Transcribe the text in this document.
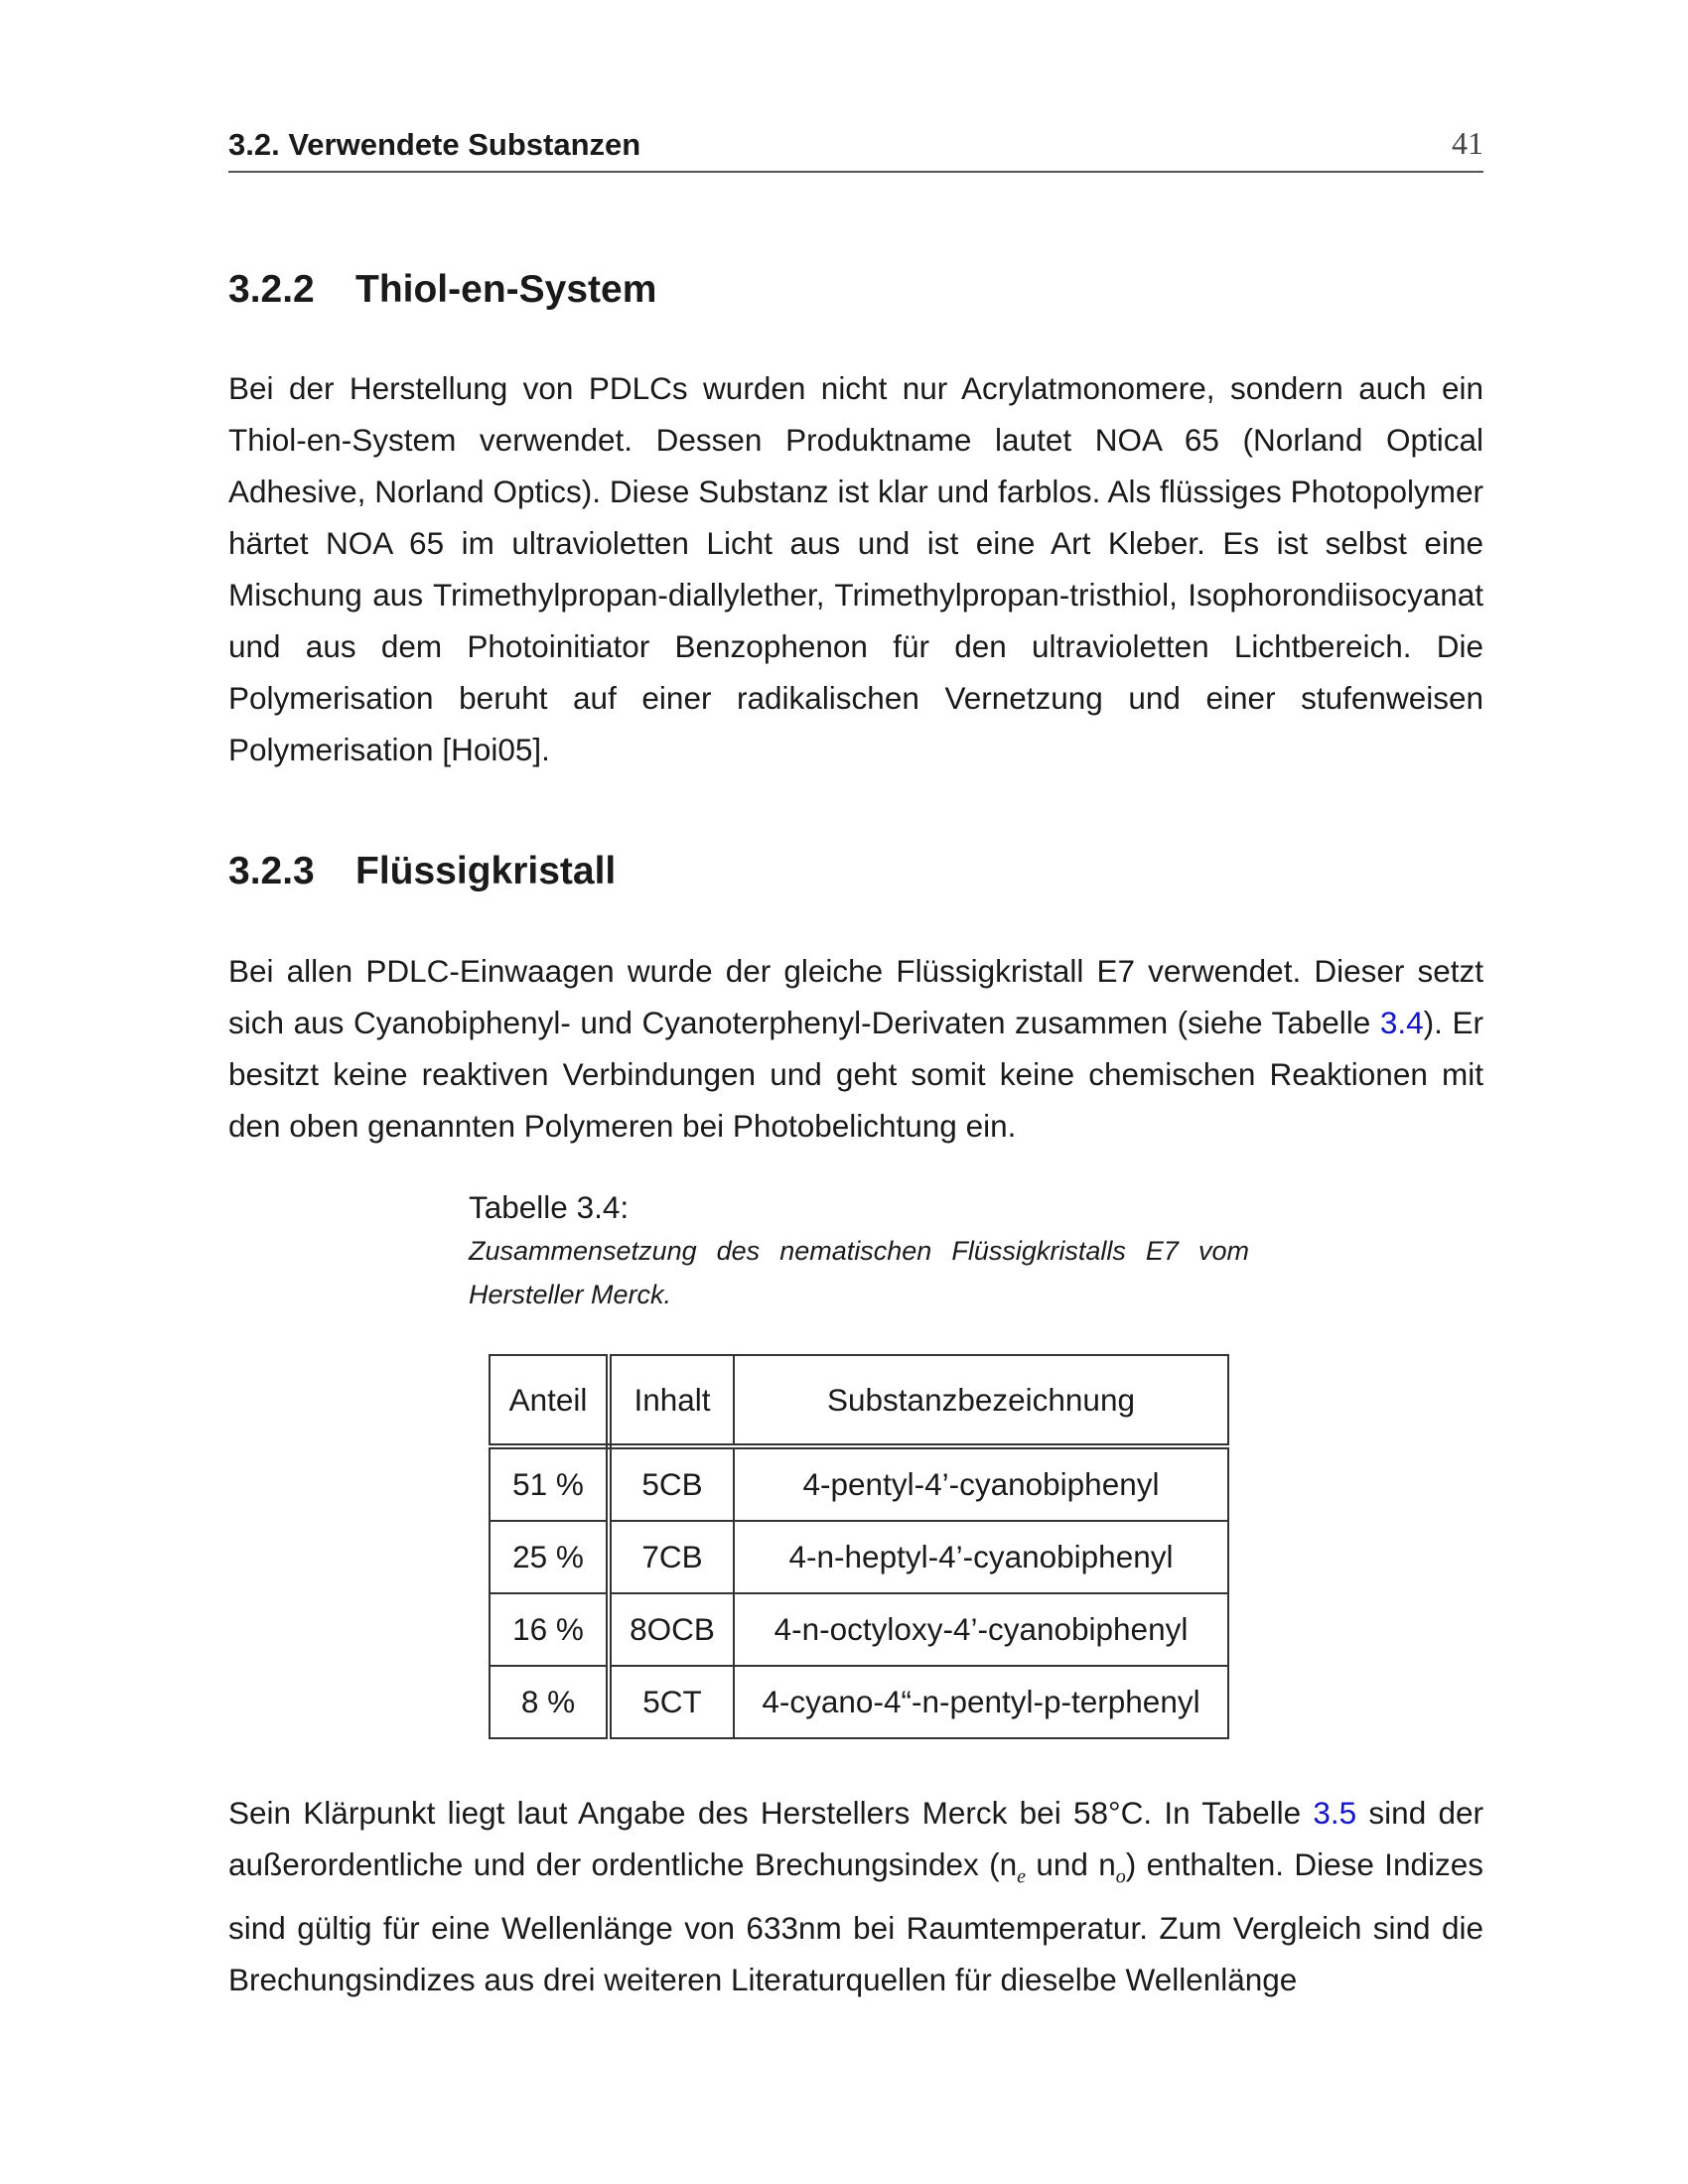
3.2. Verwendete Substanzen	41
3.2.2 Thiol-en-System

Bei der Herstellung von PDLCs wurden nicht nur Acrylatmonomere, sondern auch ein Thiol-en-System verwendet. Dessen Produktname lautet NOA 65 (Norland Optical Adhesive, Norland Optics). Diese Substanz ist klar und farblos. Als flüssiges Photopolymer härtet NOA 65 im ultravioletten Licht aus und ist eine Art Kleber. Es ist selbst eine Mischung aus Trimethylpropan-diallylether, Trimethylpropan-tristhiol, Isophorondiisocyanat und aus dem Photoinitiator Benzophenon für den ultravioletten Lichtbereich. Die Polymerisation beruht auf einer radikalischen Vernetzung und einer stufenweisen Polymerisation [Hoi05].

3.2.3 Flüssigkristall

Bei allen PDLC-Einwaagen wurde der gleiche Flüssigkristall E7 verwendet. Dieser setzt sich aus Cyanobiphenyl- und Cyanoterphenyl-Derivaten zusammen (siehe Tabelle 3.4). Er besitzt keine reaktiven Verbindungen und geht somit keine chemischen Reaktionen mit den oben genannten Polymeren bei Photobelichtung ein.

Tabelle 3.4:
Zusammensetzung des nematischen Flüssigkristalls E7 vom Hersteller Merck.
Anteil	Inhalt	Substanzbezeichnung
51 %	5CB	4-pentyl-4’-cyanobiphenyl
25 %	7CB	4-n-heptyl-4’-cyanobiphenyl
16 %	8OCB	4-n-octyloxy-4’-cyanobiphenyl
8 %	5CT	4-cyano-4“-n-pentyl-p-terphenyl

Sein Klärpunkt liegt laut Angabe des Herstellers Merck bei 58°C. In Tabelle 3.5 sind der außerordentliche und der ordentliche Brechungsindex ($n_e$ und $n_o$) enthalten. Diese Indizes sind gültig für eine Wellenlänge von 633nm bei Raumtemperatur. Zum Vergleich sind die Brechungsindizes aus drei weiteren Literaturquellen für dieselbe Wellenlänge
